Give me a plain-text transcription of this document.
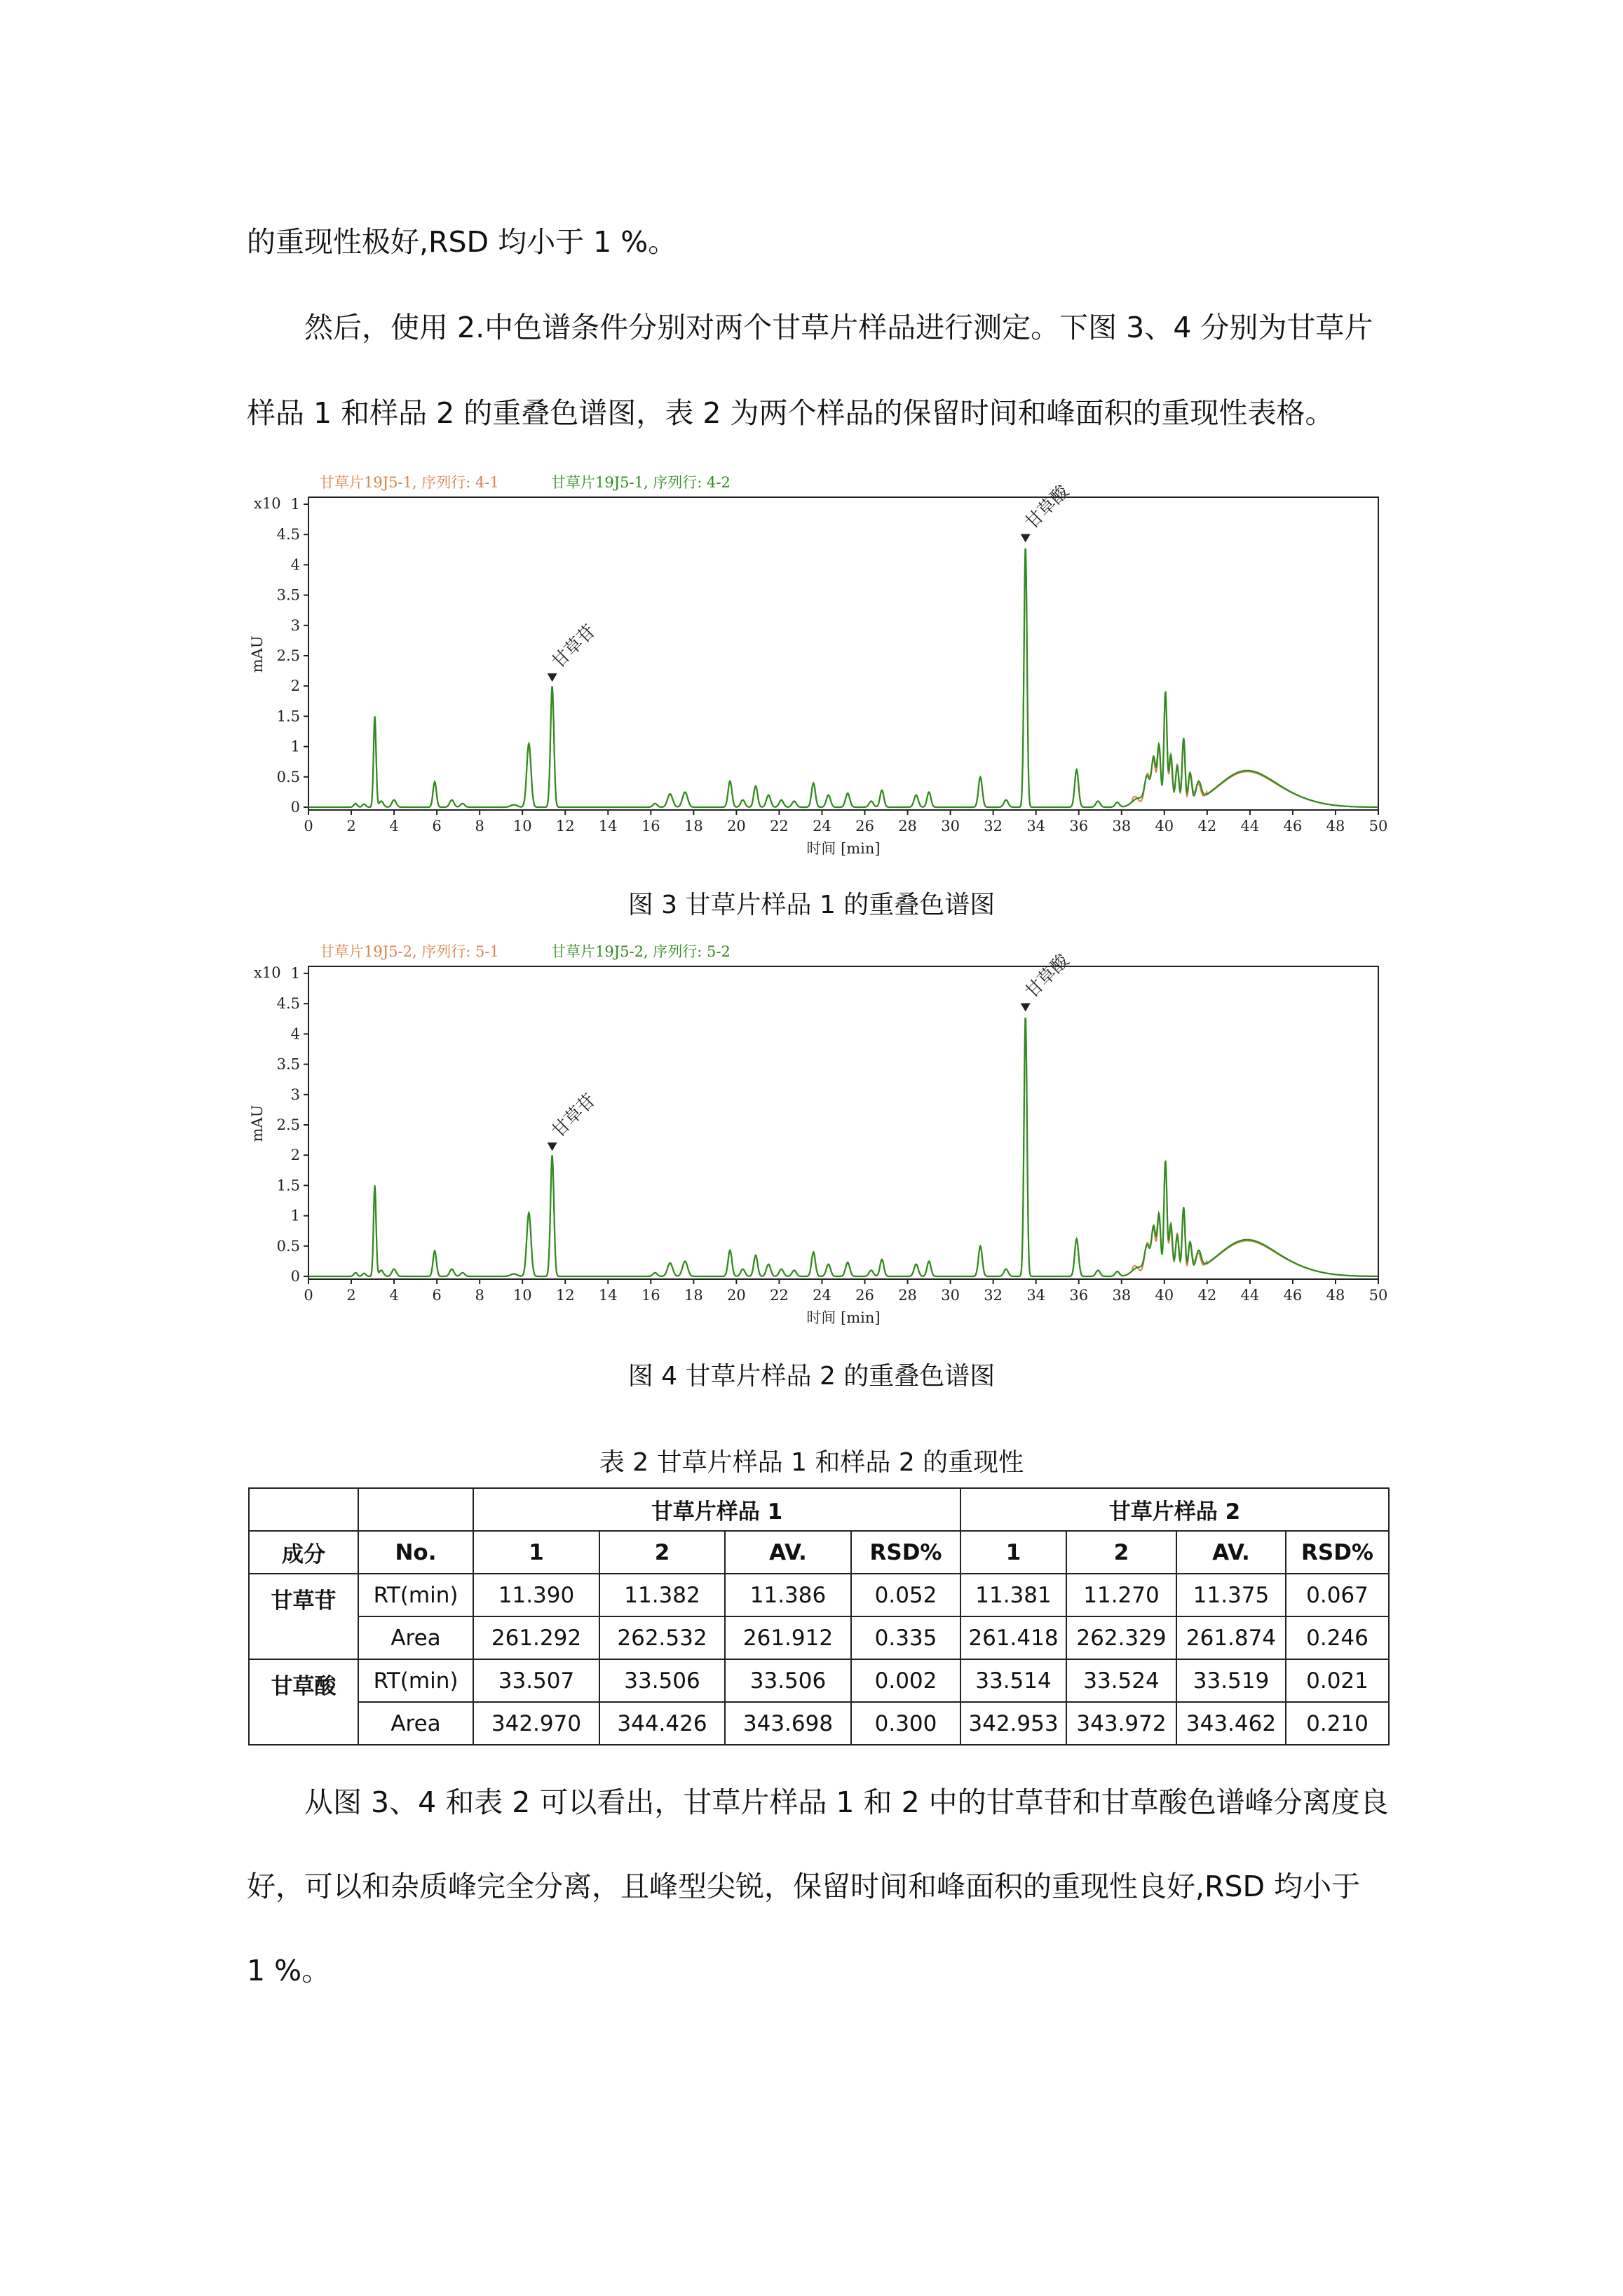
的重现性极好,RSD 均小于 1 %。

然后，使用 2.中色谱条件分别对两个甘草片样品进行测定。下图 3、4 分别为甘草片

样品 1 和样品 2 的重叠色谱图，表 2 为两个样品的保留时间和峰面积的重现性表格。

甘草片19J5-1, 序列行: 4-1	甘草片19J5-1, 序列行: 4-2
x10 1
4.5
4
3.5
3
2.5
2
1.5
1
0.5
0
mAU
0 2 4 6 8 10 12 14 16 18 20 22 24 26 28 30 32 34 36 38 40 42 44 46 48 50
时间 [min]
甘草苷
甘草酸
图 3 甘草片样品 1 的重叠色谱图
甘草片19J5-2, 序列行: 5-1	甘草片19J5-2, 序列行: 5-2
x10 1
4.5
4
3.5
3
2.5
2
1.5
1
0.5
0
mAU
0 2 4 6 8 10 12 14 16 18 20 22 24 26 28 30 32 34 36 38 40 42 44 46 48 50
时间 [min]
甘草苷
甘草酸
图 4 甘草片样品 2 的重叠色谱图
表 2 甘草片样品 1 和样品 2 的重现性
		甘草片样品 1				甘草片样品 2			
成分	No.	1	2	AV.	RSD%	1	2	AV.	RSD%
甘草苷	RT(min)	11.390	11.382	11.386	0.052	11.381	11.270	11.375	0.067
	Area	261.292	262.532	261.912	0.335	261.418	262.329	261.874	0.246
甘草酸	RT(min)	33.507	33.506	33.506	0.002	33.514	33.524	33.519	0.021
	Area	342.970	344.426	343.698	0.300	342.953	343.972	343.462	0.210

从图 3、4 和表 2 可以看出，甘草片样品 1 和 2 中的甘草苷和甘草酸色谱峰分离度良

好，可以和杂质峰完全分离，且峰型尖锐，保留时间和峰面积的重现性良好,RSD 均小于

1 %。
